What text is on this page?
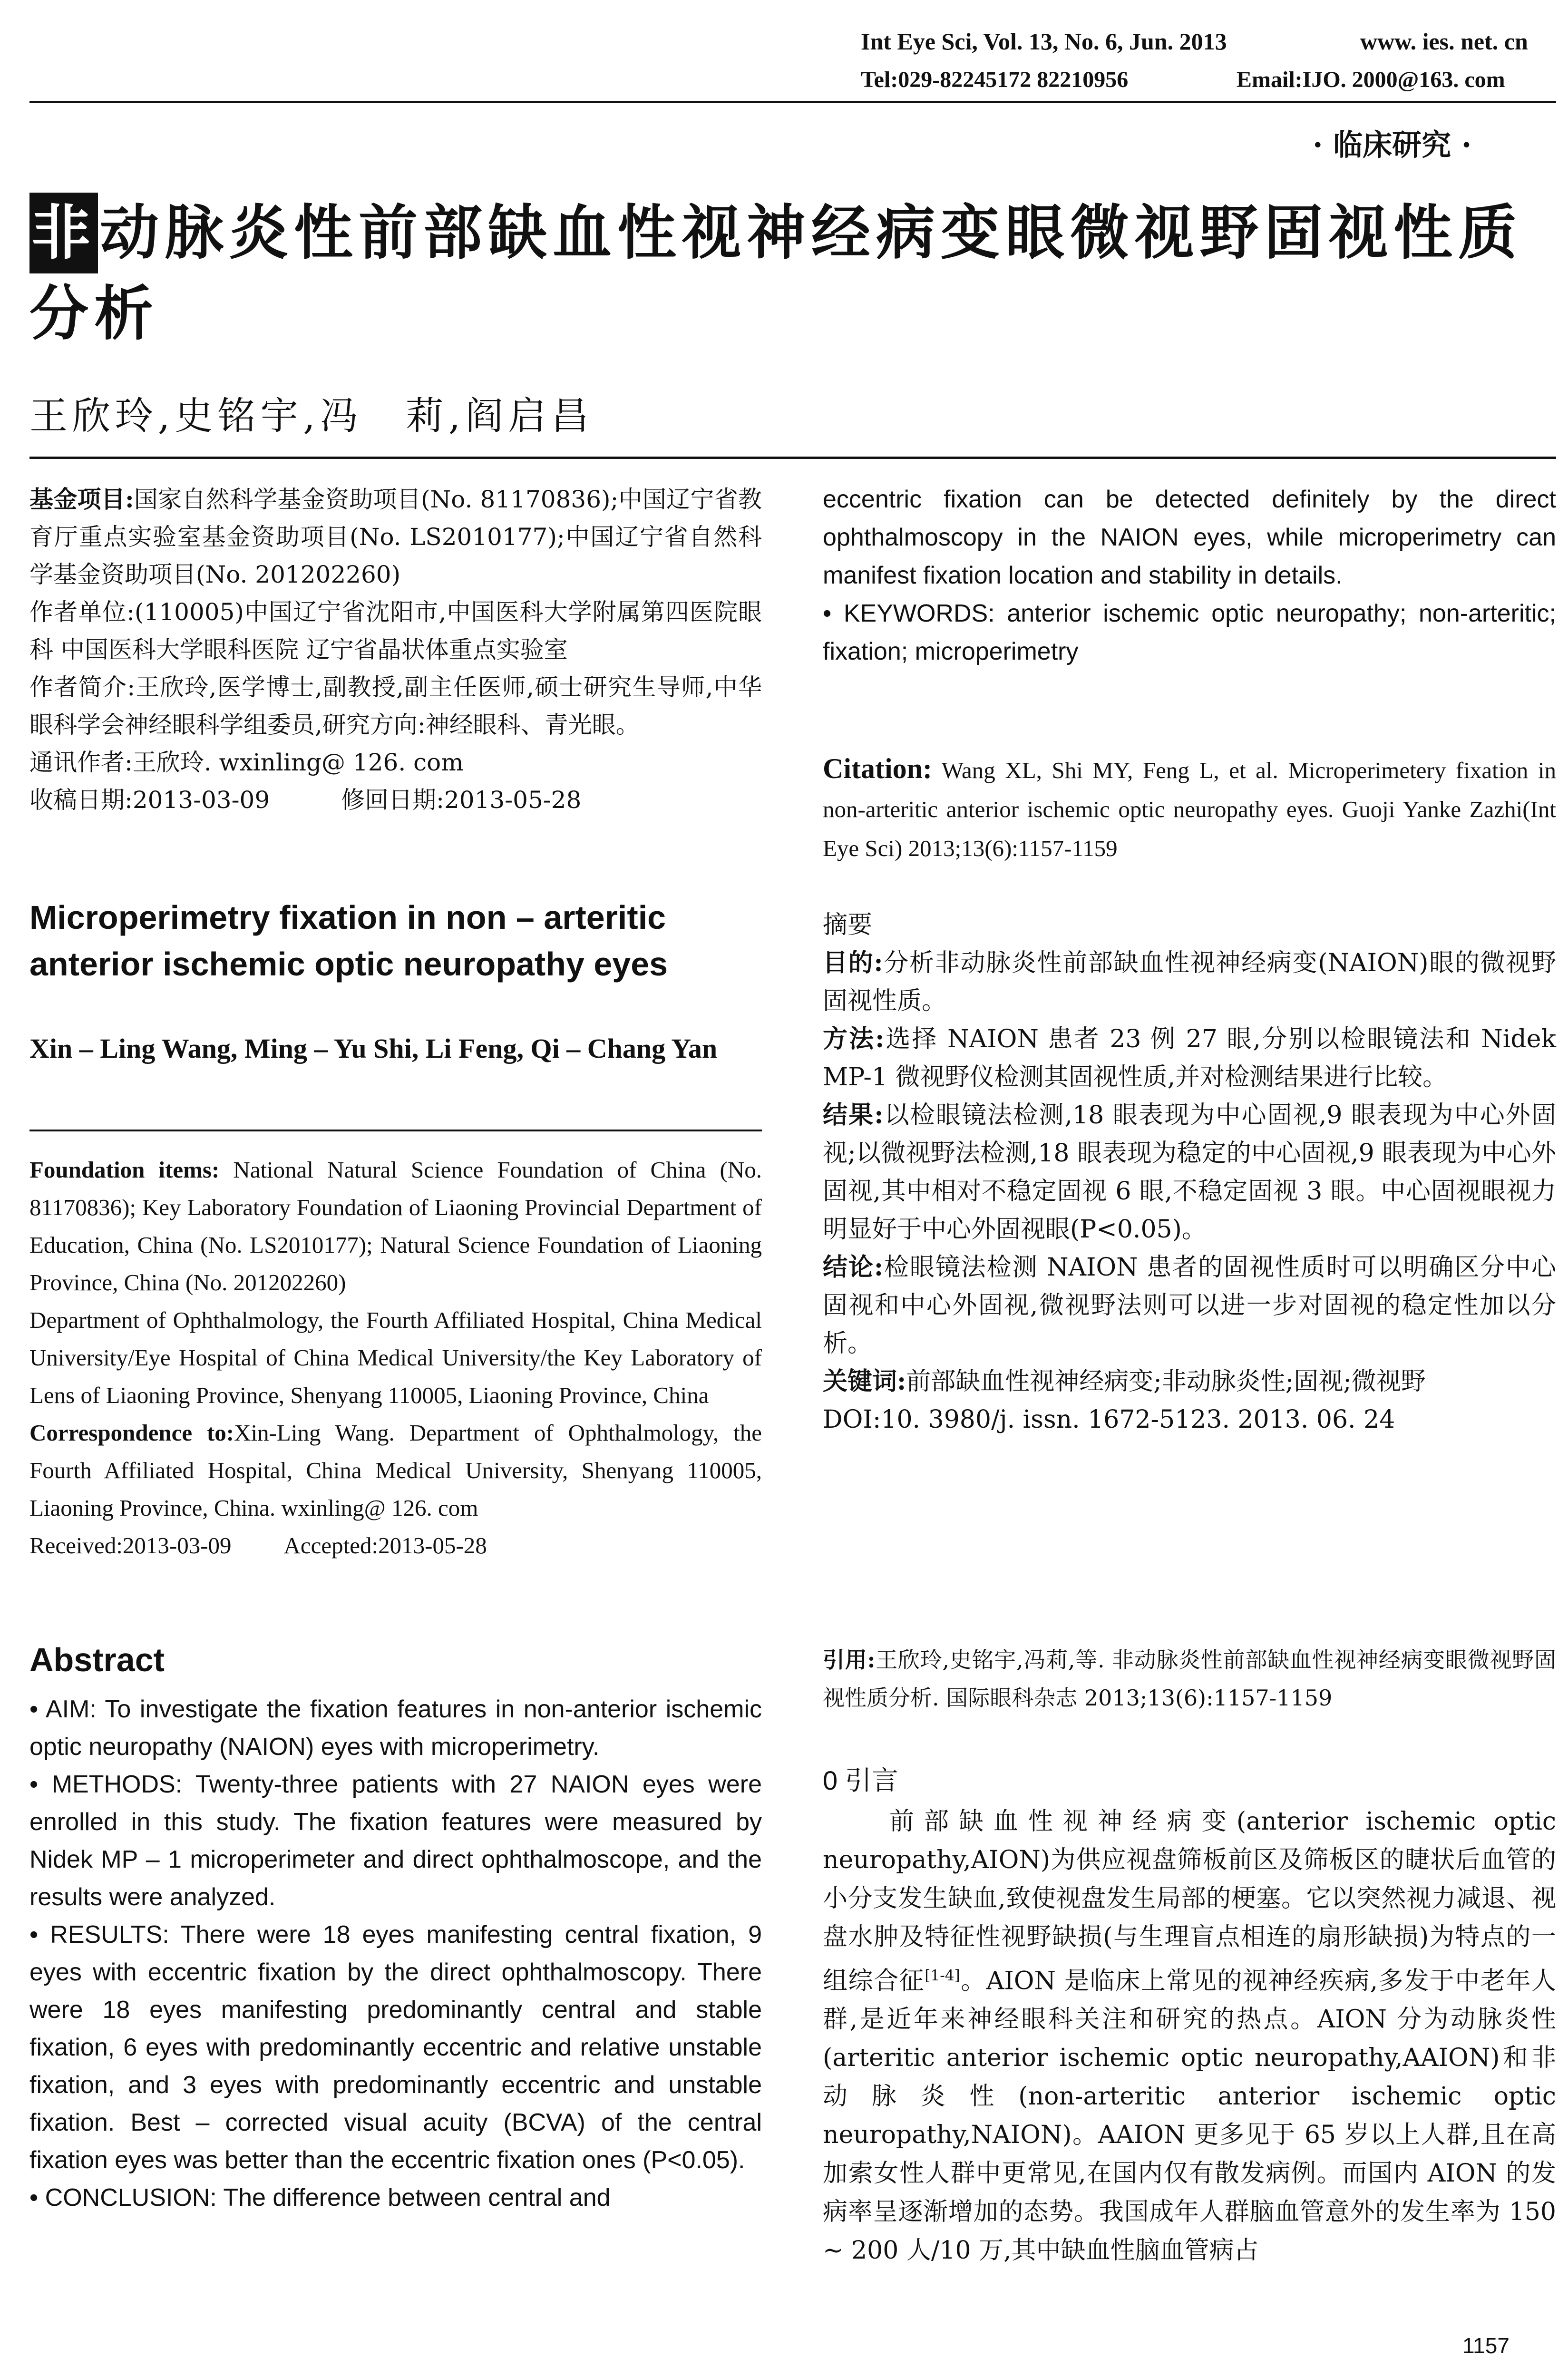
Int Eye Sci, Vol. 13, No. 6, Jun. 2013	www. ies. net. cn
Tel:029-82245172 82210956	Email:IJO. 2000@163. com
· 临床研究 ·
非动脉炎性前部缺血性视神经病变眼微视野固视性质分析
王欣玲,史铭宇,冯　莉,阎启昌

基金项目:国家自然科学基金资助项目(No. 81170836);中国辽宁省教育厅重点实验室基金资助项目(No. LS2010177);中国辽宁省自然科学基金资助项目(No. 201202260)

作者单位:(110005)中国辽宁省沈阳市,中国医科大学附属第四医院眼科 中国医科大学眼科医院 辽宁省晶状体重点实验室

作者简介:王欣玲,医学博士,副教授,副主任医师,硕士研究生导师,中华眼科学会神经眼科学组委员,研究方向:神经眼科、青光眼。

通讯作者:王欣玲. wxinling@ 126. com

收稿日期:2013-03-09	修回日期:2013-05-28

Microperimetry fixation in non – arteritic anterior ischemic optic neuropathy eyes
Xin – Ling Wang, Ming – Yu Shi, Li Feng, Qi – Chang Yan

Foundation items: National Natural Science Foundation of China (No. 81170836); Key Laboratory Foundation of Liaoning Provincial Department of Education, China (No. LS2010177); Natural Science Foundation of Liaoning Province, China (No. 201202260)

Department of Ophthalmology, the Fourth Affiliated Hospital, China Medical University/Eye Hospital of China Medical University/the Key Laboratory of Lens of Liaoning Province, Shenyang 110005, Liaoning Province, China

Correspondence to:Xin-Ling Wang. Department of Ophthalmology, the Fourth Affiliated Hospital, China Medical University, Shenyang 110005, Liaoning Province, China. wxinling@ 126. com

Received:2013-03-09 Accepted:2013-05-28

Abstract

• AIM: To investigate the fixation features in non-anterior ischemic optic neuropathy (NAION) eyes with microperimetry.

• METHODS: Twenty-three patients with 27 NAION eyes were enrolled in this study. The fixation features were measured by Nidek MP – 1 microperimeter and direct ophthalmoscope, and the results were analyzed.

• RESULTS: There were 18 eyes manifesting central fixation, 9 eyes with eccentric fixation by the direct ophthalmoscopy. There were 18 eyes manifesting predominantly central and stable fixation, 6 eyes with predominantly eccentric and relative unstable fixation, and 3 eyes with predominantly eccentric and unstable fixation. Best – corrected visual acuity (BCVA) of the central fixation eyes was better than the eccentric fixation ones (P<0.05).

• CONCLUSION: The difference between central and

eccentric fixation can be detected definitely by the direct ophthalmoscopy in the NAION eyes, while microperimetry can manifest fixation location and stability in details.

• KEYWORDS: anterior ischemic optic neuropathy; non-arteritic; fixation; microperimetry

Citation: Wang XL, Shi MY, Feng L, et al. Microperimetery fixation in non-arteritic anterior ischemic optic neuropathy eyes. Guoji Yanke Zazhi(Int Eye Sci) 2013;13(6):1157-1159

摘要

目的:分析非动脉炎性前部缺血性视神经病变(NAION)眼的微视野固视性质。

方法:选择 NAION 患者 23 例 27 眼,分别以检眼镜法和 Nidek MP-1 微视野仪检测其固视性质,并对检测结果进行比较。

结果:以检眼镜法检测,18 眼表现为中心固视,9 眼表现为中心外固视;以微视野法检测,18 眼表现为稳定的中心固视,9 眼表现为中心外固视,其中相对不稳定固视 6 眼,不稳定固视 3 眼。中心固视眼视力明显好于中心外固视眼(P<0.05)。

结论:检眼镜法检测 NAION 患者的固视性质时可以明确区分中心固视和中心外固视,微视野法则可以进一步对固视的稳定性加以分析。

关键词:前部缺血性视神经病变;非动脉炎性;固视;微视野

DOI:10. 3980/j. issn. 1672-5123. 2013. 06. 24

引用:王欣玲,史铭宇,冯莉,等. 非动脉炎性前部缺血性视神经病变眼微视野固视性质分析. 国际眼科杂志 2013;13(6):1157-1159
0 引言
前部缺血性视神经病变(anterior ischemic optic neuropathy,AION)为供应视盘筛板前区及筛板区的睫状后血管的小分支发生缺血,致使视盘发生局部的梗塞。它以突然视力减退、视盘水肿及特征性视野缺损(与生理盲点相连的扇形缺损)为特点的一组综合征[1-4]。AION 是临床上常见的视神经疾病,多发于中老年人群,是近年来神经眼科关注和研究的热点。AION 分为动脉炎性(arteritic anterior ischemic optic neuropathy,AAION)和非动脉炎性(non-arteritic anterior ischemic optic neuropathy,NAION)。AAION 更多见于 65 岁以上人群,且在高加索女性人群中更常见,在国内仅有散发病例。而国内 AION 的发病率呈逐渐增加的态势。我国成年人群脑血管意外的发生率为 150 ~ 200 人/10 万,其中缺血性脑血管病占
1157
